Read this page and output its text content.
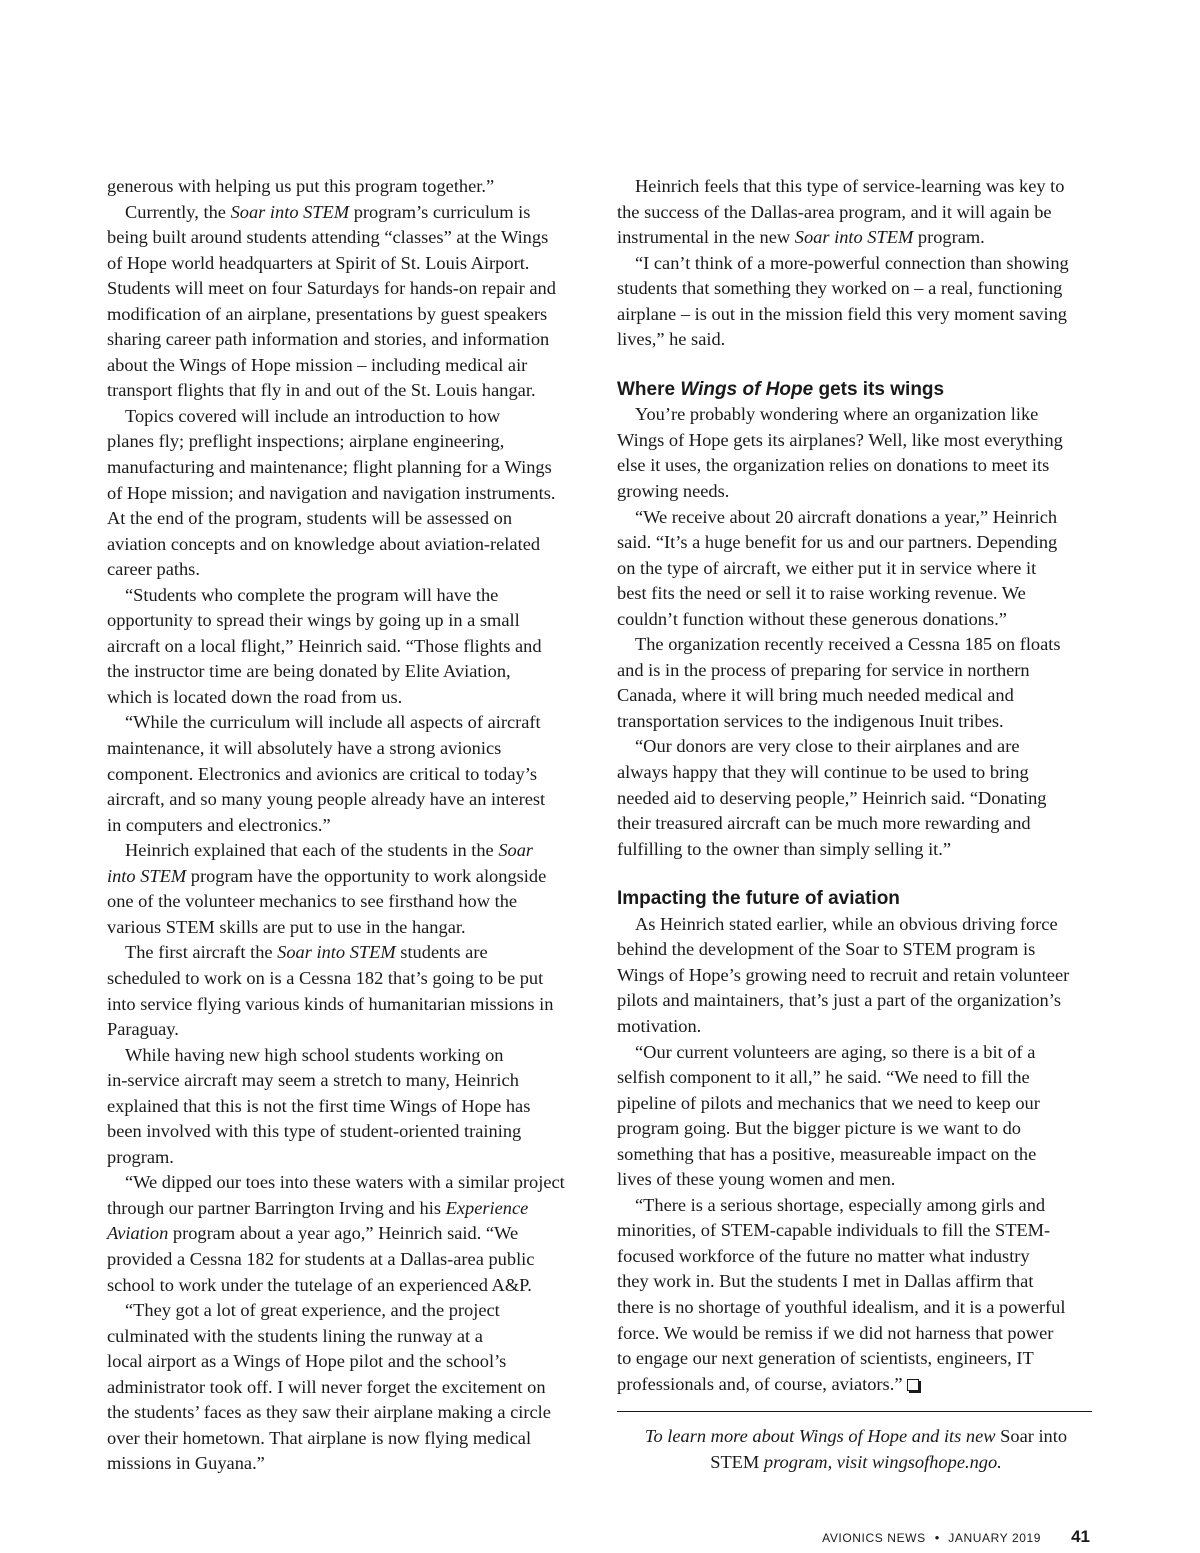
generous with helping us put this program together.”

Currently, the Soar into STEM program’s curriculum is
being built around students attending “classes” at the Wings
of Hope world headquarters at Spirit of St. Louis Airport.
Students will meet on four Saturdays for hands-on repair and
modification of an airplane, presentations by guest speakers
sharing career path information and stories, and information
about the Wings of Hope mission – including medical air
transport flights that fly in and out of the St. Louis hangar.

Topics covered will include an introduction to how
planes fly; preflight inspections; airplane engineering,
manufacturing and maintenance; flight planning for a Wings
of Hope mission; and navigation and navigation instruments.
At the end of the program, students will be assessed on
aviation concepts and on knowledge about aviation-related
career paths.

“Students who complete the program will have the
opportunity to spread their wings by going up in a small
aircraft on a local flight,” Heinrich said. “Those flights and
the instructor time are being donated by Elite Aviation,
which is located down the road from us.

“While the curriculum will include all aspects of aircraft
maintenance, it will absolutely have a strong avionics
component. Electronics and avionics are critical to today’s
aircraft, and so many young people already have an interest
in computers and electronics.”

Heinrich explained that each of the students in the Soar
into STEM program have the opportunity to work alongside
one of the volunteer mechanics to see firsthand how the
various STEM skills are put to use in the hangar.

The first aircraft the Soar into STEM students are
scheduled to work on is a Cessna 182 that’s going to be put
into service flying various kinds of humanitarian missions in
Paraguay.

While having new high school students working on
in-service aircraft may seem a stretch to many, Heinrich
explained that this is not the first time Wings of Hope has
been involved with this type of student-oriented training
program.

“We dipped our toes into these waters with a similar project
through our partner Barrington Irving and his Experience
Aviation program about a year ago,” Heinrich said. “We
provided a Cessna 182 for students at a Dallas-area public
school to work under the tutelage of an experienced A&P.

“They got a lot of great experience, and the project
culminated with the students lining the runway at a
local airport as a Wings of Hope pilot and the school’s
administrator took off. I will never forget the excitement on
the students’ faces as they saw their airplane making a circle
over their hometown. That airplane is now flying medical
missions in Guyana.”

Heinrich feels that this type of service-learning was key to
the success of the Dallas-area program, and it will again be
instrumental in the new Soar into STEM program.

“I can’t think of a more-powerful connection than showing
students that something they worked on – a real, functioning
airplane – is out in the mission field this very moment saving
lives,” he said.

Where Wings of Hope gets its wings

You’re probably wondering where an organization like
Wings of Hope gets its airplanes? Well, like most everything
else it uses, the organization relies on donations to meet its
growing needs.

“We receive about 20 aircraft donations a year,” Heinrich
said. “It’s a huge benefit for us and our partners. Depending
on the type of aircraft, we either put it in service where it
best fits the need or sell it to raise working revenue. We
couldn’t function without these generous donations.”

The organization recently received a Cessna 185 on floats
and is in the process of preparing for service in northern
Canada, where it will bring much needed medical and
transportation services to the indigenous Inuit tribes.

“Our donors are very close to their airplanes and are
always happy that they will continue to be used to bring
needed aid to deserving people,” Heinrich said. “Donating
their treasured aircraft can be much more rewarding and
fulfilling to the owner than simply selling it.”

Impacting the future of aviation

As Heinrich stated earlier, while an obvious driving force
behind the development of the Soar to STEM program is
Wings of Hope’s growing need to recruit and retain volunteer
pilots and maintainers, that’s just a part of the organization’s
motivation.

“Our current volunteers are aging, so there is a bit of a
selfish component to it all,” he said. “We need to fill the
pipeline of pilots and mechanics that we need to keep our
program going. But the bigger picture is we want to do
something that has a positive, measureable impact on the
lives of these young women and men.

“There is a serious shortage, especially among girls and
minorities, of STEM-capable individuals to fill the STEM-
focused workforce of the future no matter what industry
they work in. But the students I met in Dallas affirm that
there is no shortage of youthful idealism, and it is a powerful
force. We would be remiss if we did not harness that power
to engage our next generation of scientists, engineers, IT
professionals and, of course, aviators.”

To learn more about Wings of Hope and its new Soar into
STEM program, visit wingsofhope.ngo.
AVIONICS NEWS • JANUARY 2019 41
